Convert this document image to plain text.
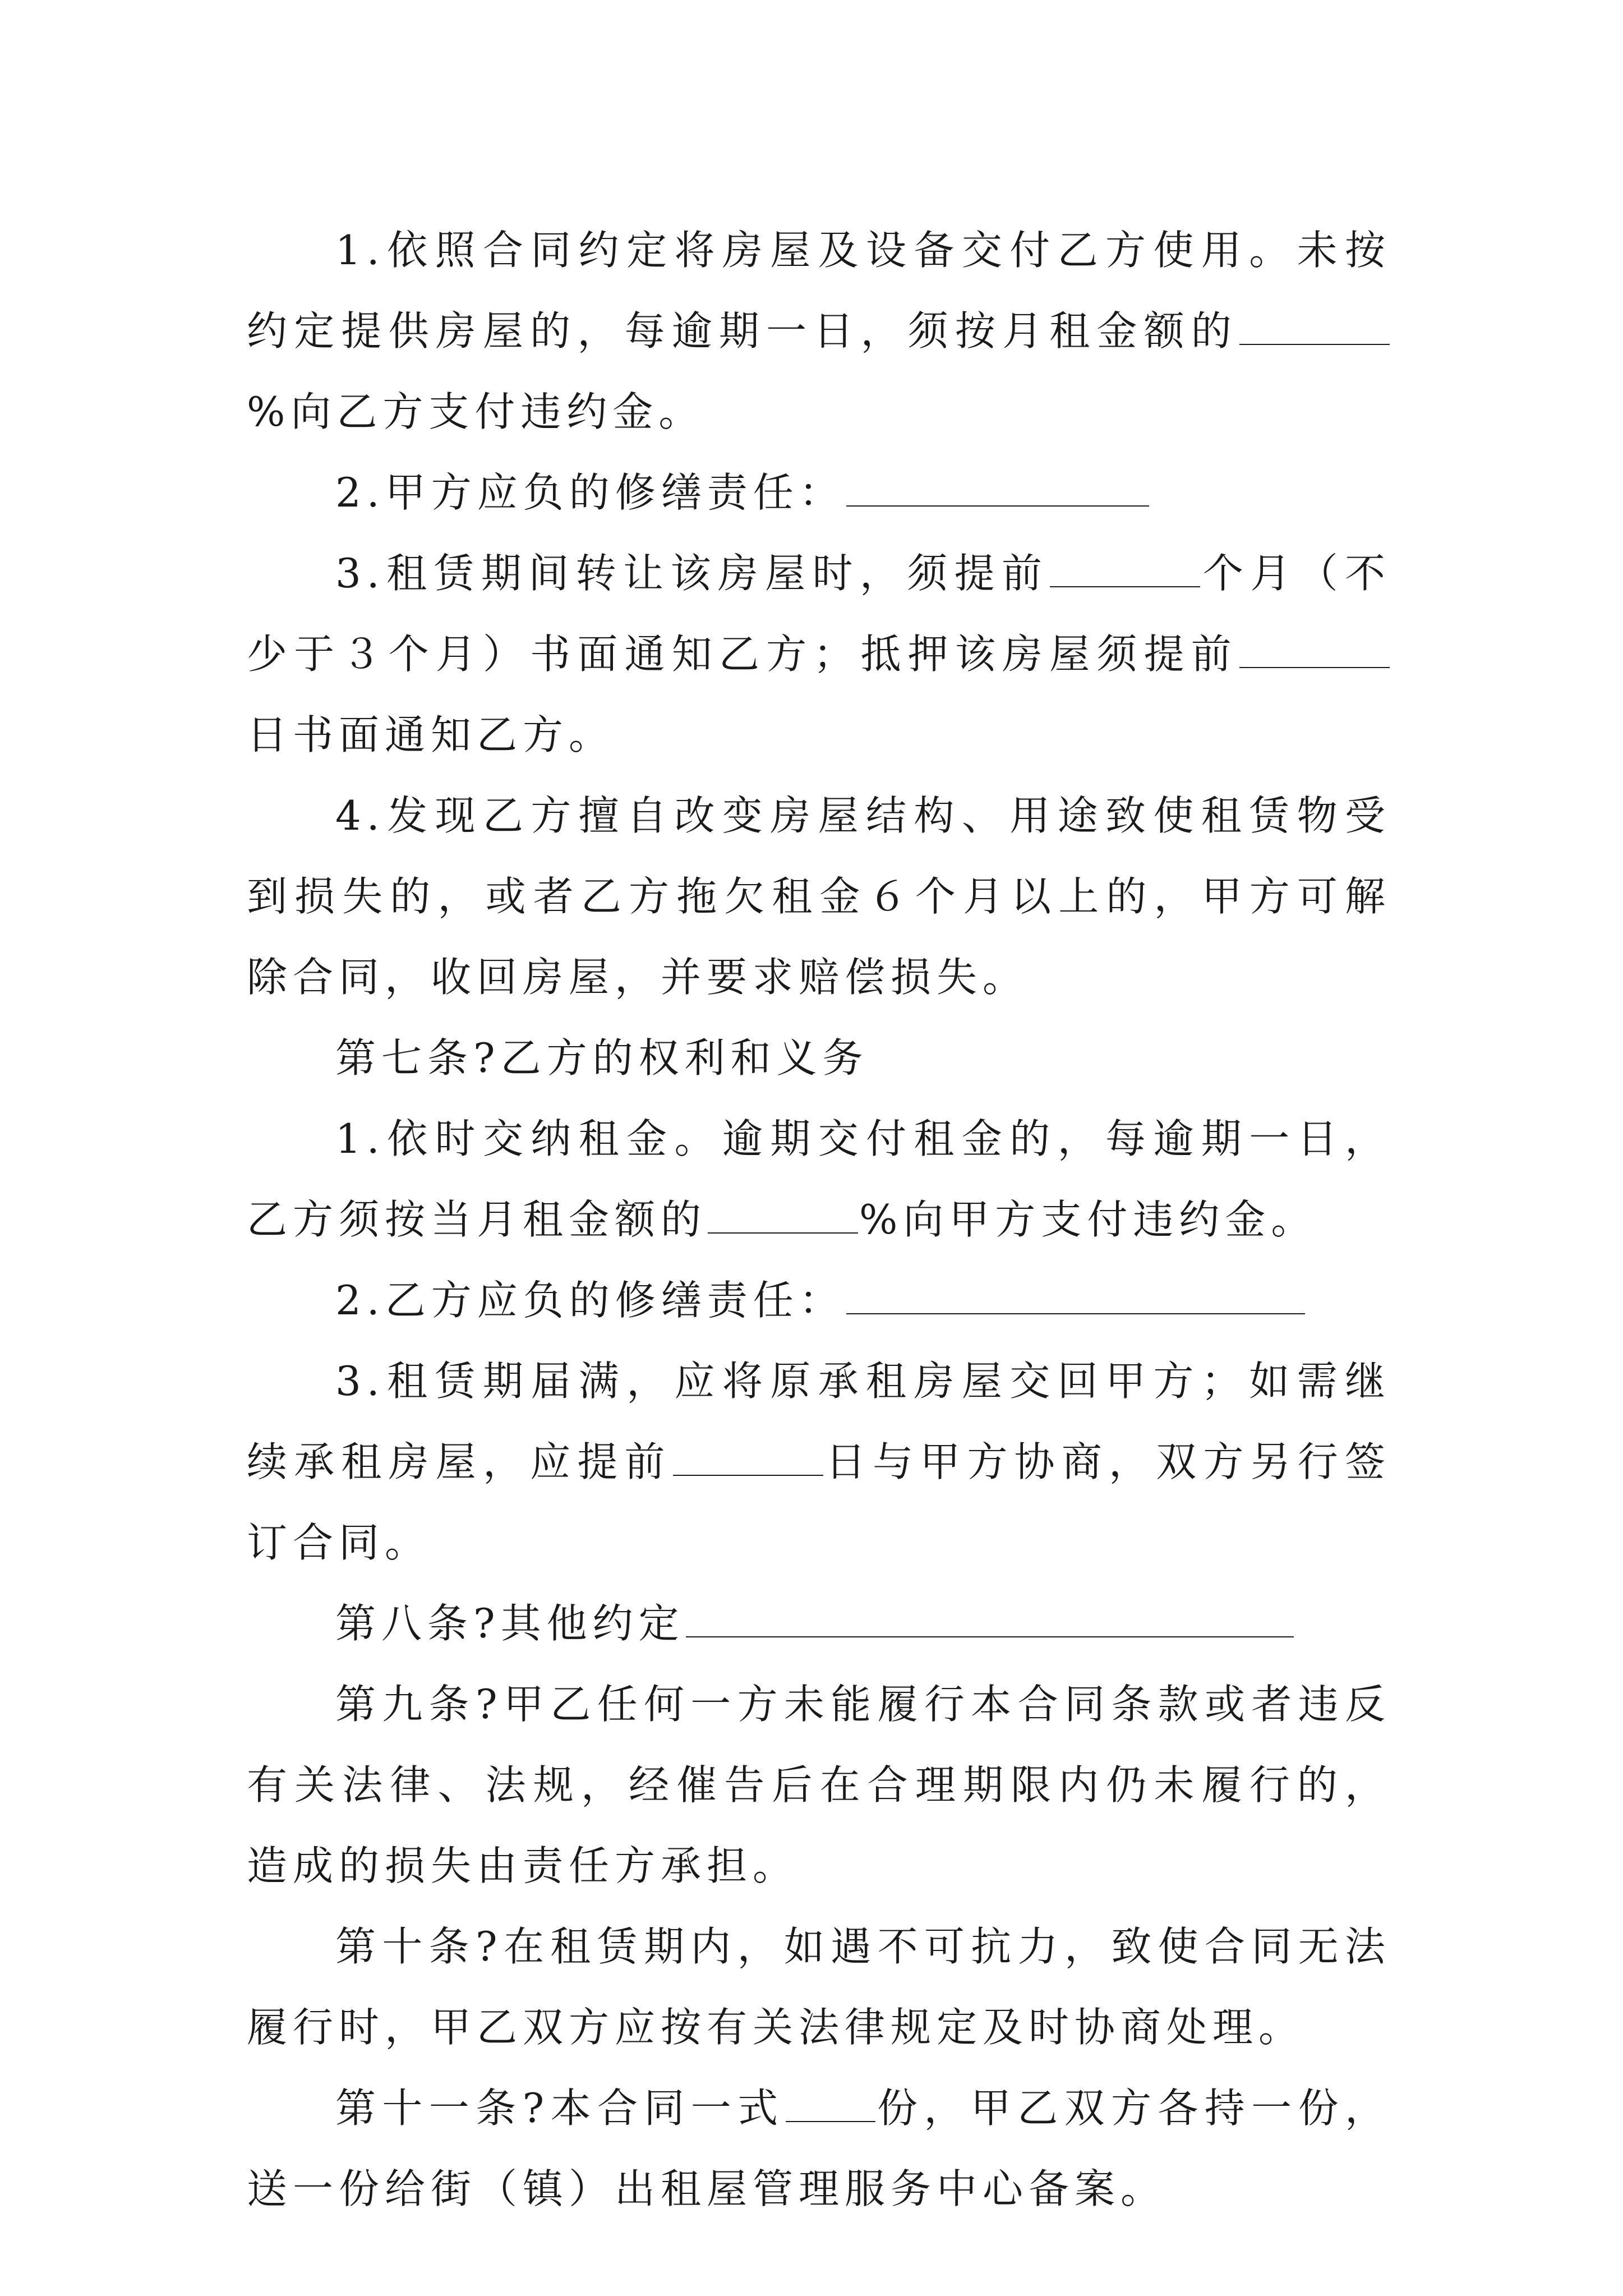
1.依照合同约定将房屋及设备交付乙方使用。未按约定提供房屋的，每逾期一日，须按月租金额的%向乙方支付违约金。

2.甲方应负的修缮责任：

3.租赁期间转让该房屋时，须提前	个月（不少于３个月）书面通知乙方；抵押该房屋须提前日书面通知乙方。

4.发现乙方擅自改变房屋结构、用途致使租赁物受到损失的，或者乙方拖欠租金６个月以上的，甲方可解除合同，收回房屋，并要求赔偿损失。

第七条?乙方的权利和义务

1.依时交纳租金。逾期交付租金的，每逾期一日，乙方须按当月租金额的	%向甲方支付违约金。

2.乙方应负的修缮责任：

3.租赁期届满，应将原承租房屋交回甲方；如需继续承租房屋，应提前	日与甲方协商，双方另行签订合同。

第八条?其他约定

第九条?甲乙任何一方未能履行本合同条款或者违反有关法律、法规，经催告后在合理期限内仍未履行的，造成的损失由责任方承担。

第十条?在租赁期内，如遇不可抗力，致使合同无法履行时，甲乙双方应按有关法律规定及时协商处理。

第十一条?本合同一式 份，甲乙双方各持一份，送一份给街（镇）出租屋管理服务中心备案。
